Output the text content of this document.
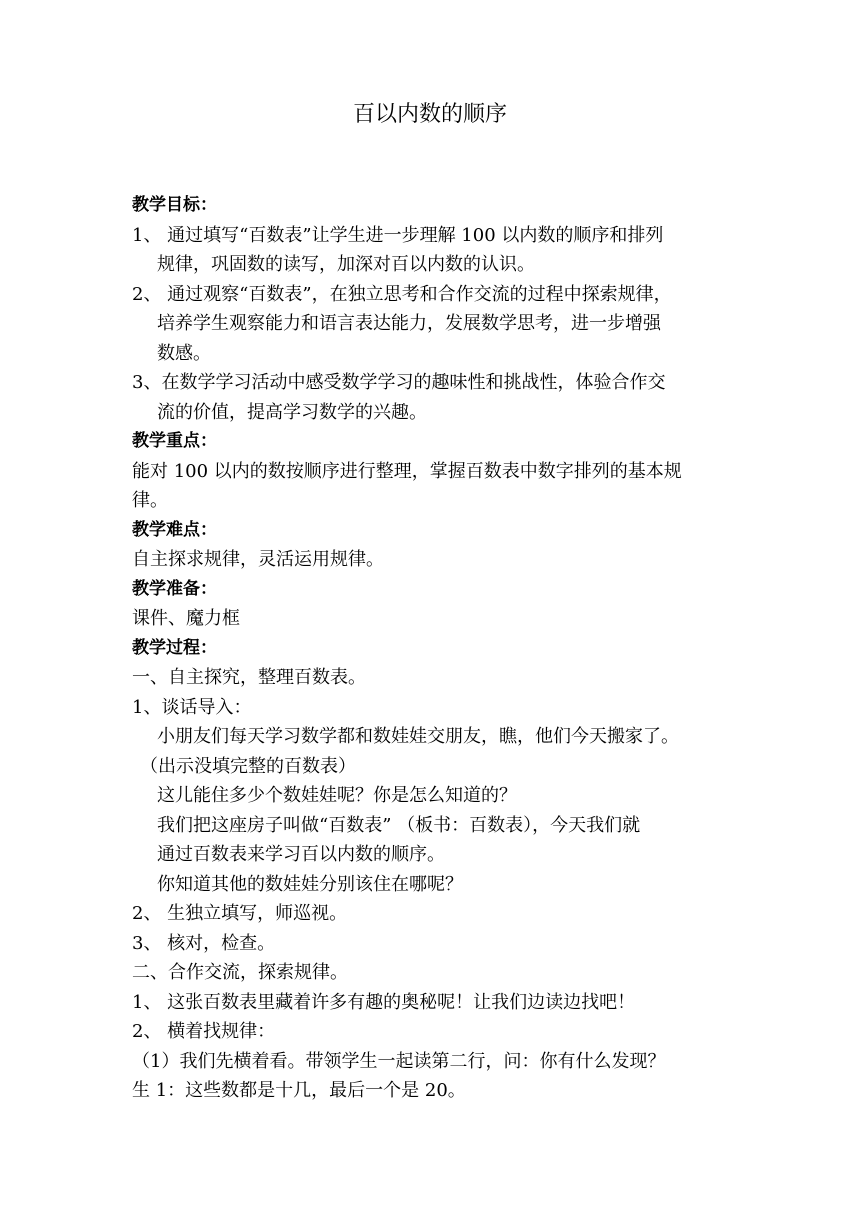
百以内数的顺序
教学目标：
1、 通过填写“百数表”让学生进一步理解 100 以内数的顺序和排列
规律，巩固数的读写，加深对百以内数的认识。
2、 通过观察“百数表”，在独立思考和合作交流的过程中探索规律，
培养学生观察能力和语言表达能力，发展数学思考，进一步增强
数感。
3、在数学学习活动中感受数学学习的趣味性和挑战性，体验合作交
流的价值，提高学习数学的兴趣。
教学重点：
能对 100 以内的数按顺序进行整理，掌握百数表中数字排列的基本规
律。
教学难点：
自主探求规律，灵活运用规律。
教学准备：
课件、魔力框
教学过程：
一、自主探究，整理百数表。
1、谈话导入：
小朋友们每天学习数学都和数娃娃交朋友，瞧，他们今天搬家了。
（出示没填完整的百数表）
这儿能住多少个数娃娃呢？你是怎么知道的？
我们把这座房子叫做“百数表” （板书：百数表），今天我们就
通过百数表来学习百以内数的顺序。
你知道其他的数娃娃分别该住在哪呢？
2、 生独立填写，师巡视。
3、 核对，检查。
二、合作交流，探索规律。
1、 这张百数表里藏着许多有趣的奥秘呢！让我们边读边找吧！
2、 横着找规律：
（1）我们先横着看。带领学生一起读第二行，问：你有什么发现？
生 1：这些数都是十几，最后一个是 20。
